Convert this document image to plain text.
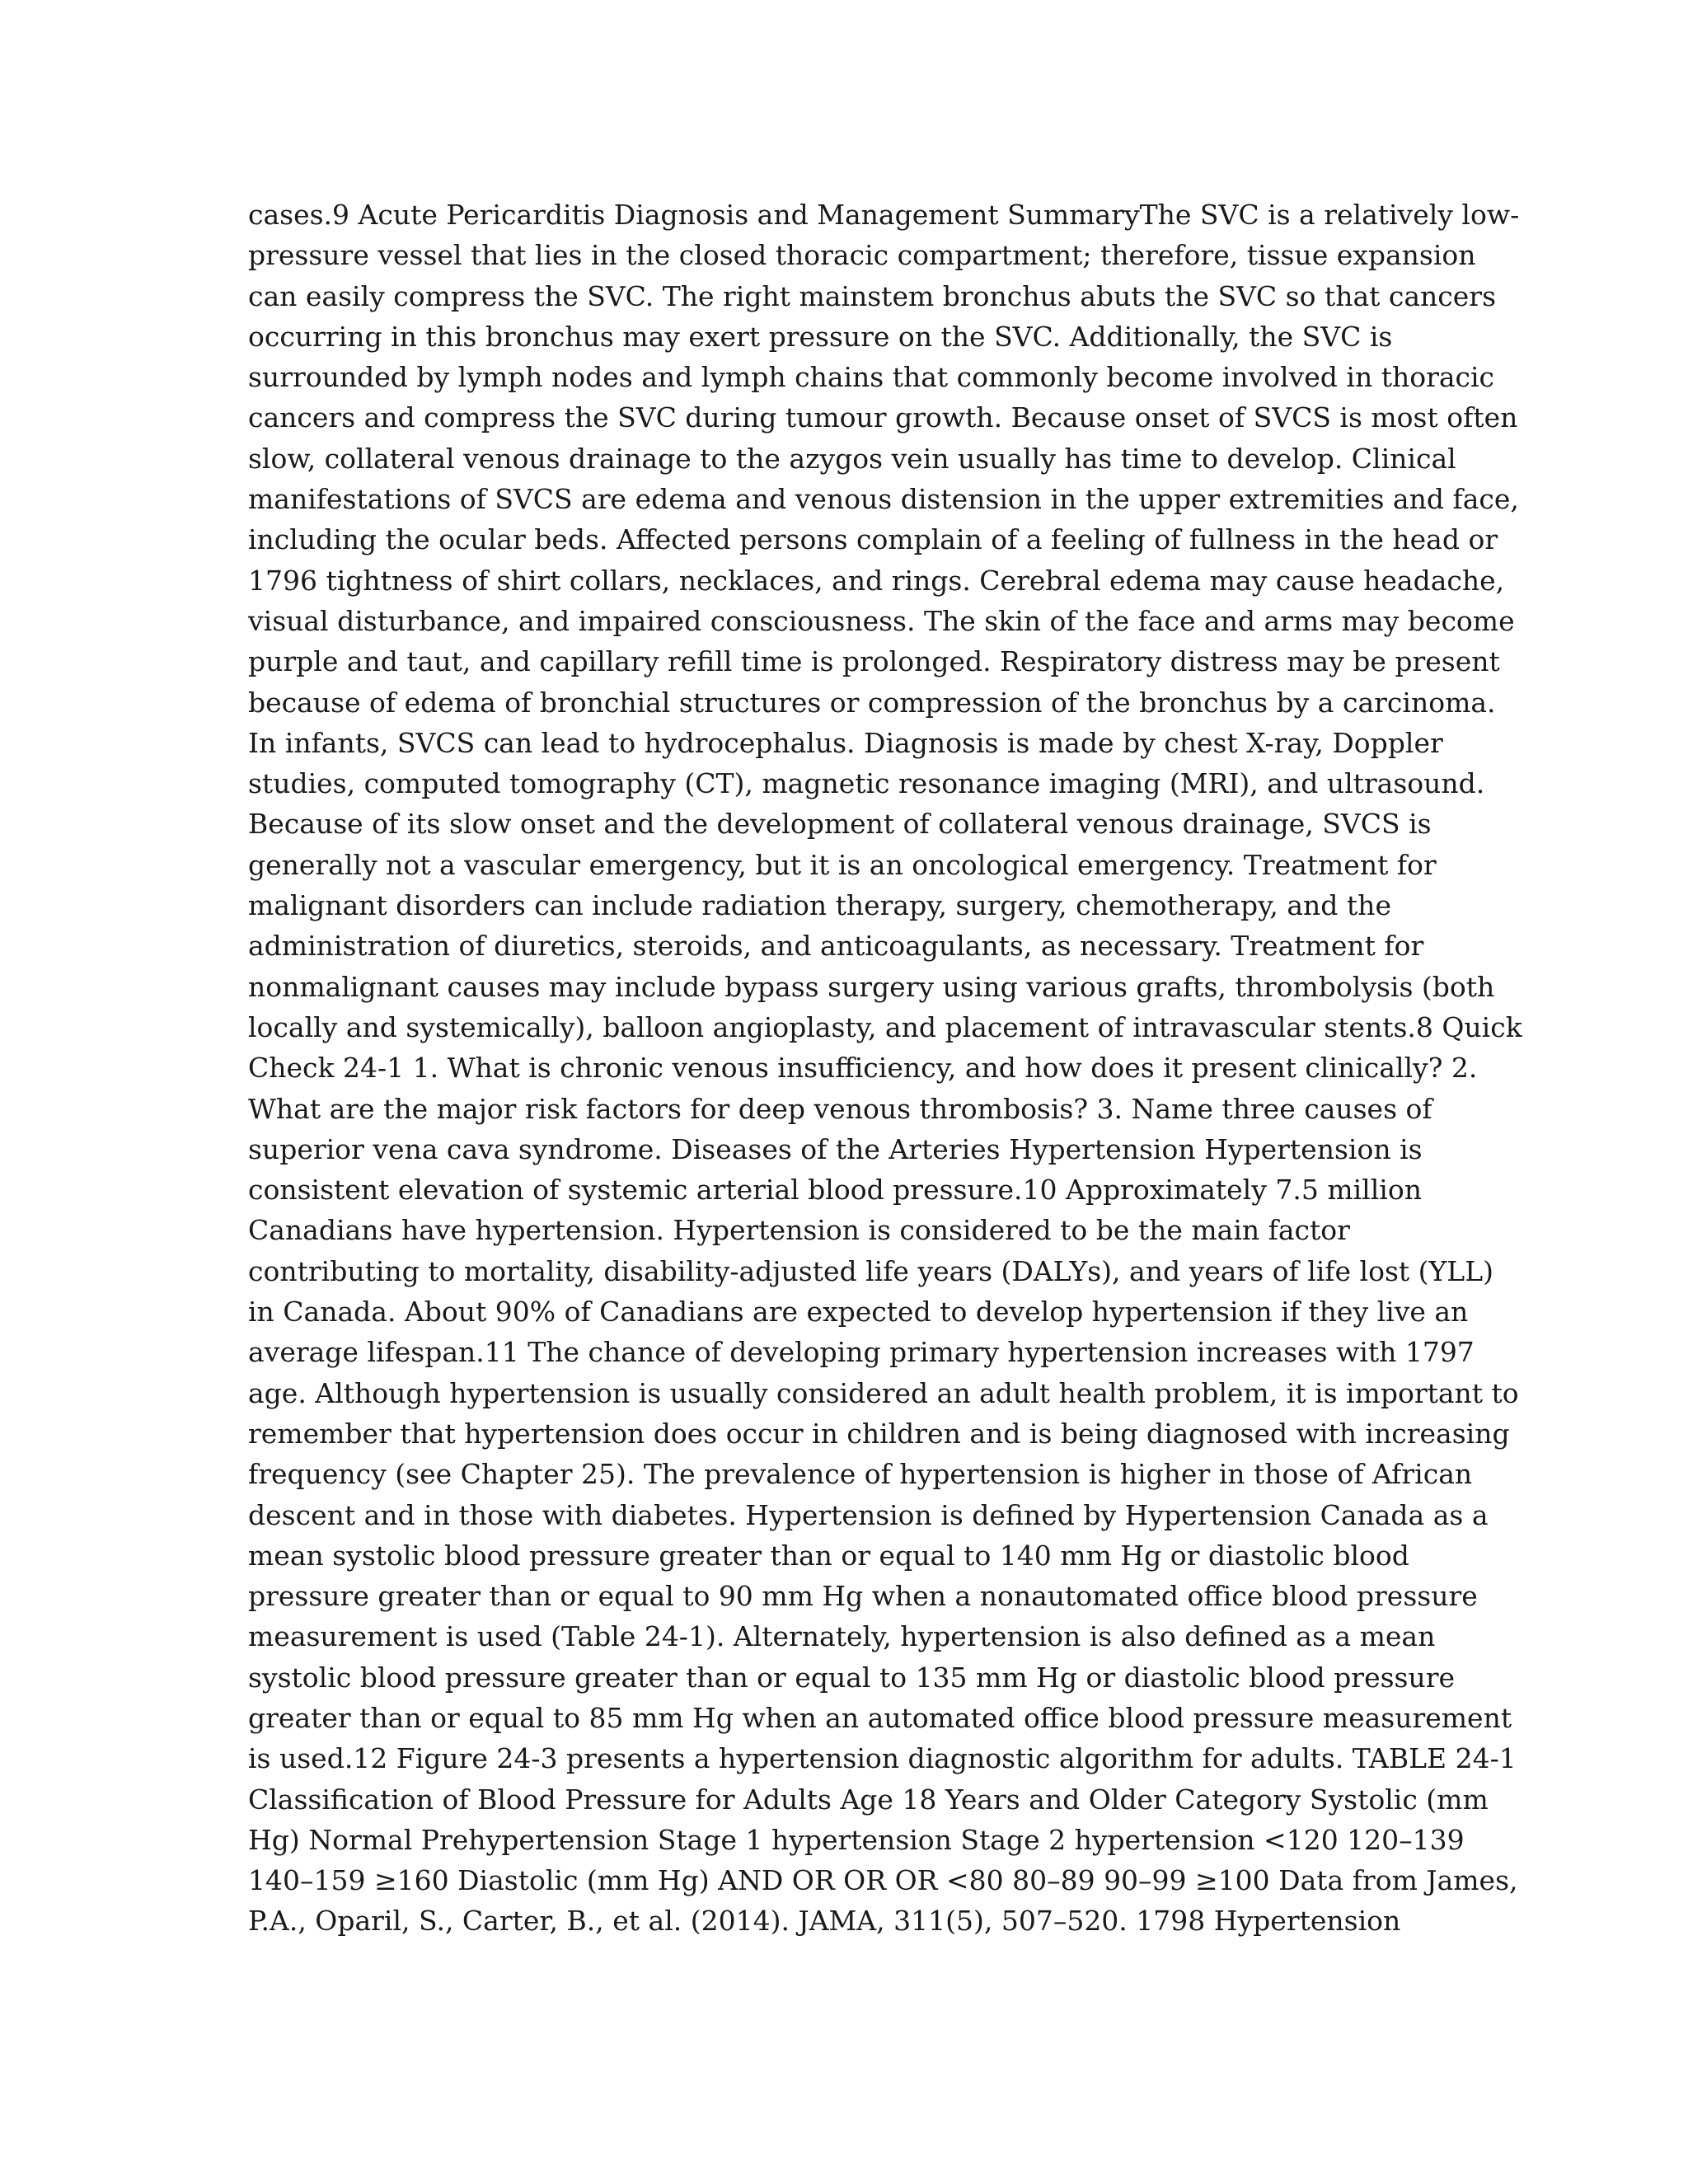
cases.9 Acute Pericarditis Diagnosis and Management SummaryThe SVC is a relatively low-
pressure vessel that lies in the closed thoracic compartment; therefore, tissue expansion
can easily compress the SVC. The right mainstem bronchus abuts the SVC so that cancers
occurring in this bronchus may exert pressure on the SVC. Additionally, the SVC is
surrounded by lymph nodes and lymph chains that commonly become involved in thoracic
cancers and compress the SVC during tumour growth. Because onset of SVCS is most often
slow, collateral venous drainage to the azygos vein usually has time to develop. Clinical
manifestations of SVCS are edema and venous distension in the upper extremities and face,
including the ocular beds. Affected persons complain of a feeling of fullness in the head or
1796 tightness of shirt collars, necklaces, and rings. Cerebral edema may cause headache,
visual disturbance, and impaired consciousness. The skin of the face and arms may become
purple and taut, and capillary refill time is prolonged. Respiratory distress may be present
because of edema of bronchial structures or compression of the bronchus by a carcinoma.
In infants, SVCS can lead to hydrocephalus. Diagnosis is made by chest X-ray, Doppler
studies, computed tomography (CT), magnetic resonance imaging (MRI), and ultrasound.
Because of its slow onset and the development of collateral venous drainage, SVCS is
generally not a vascular emergency, but it is an oncological emergency. Treatment for
malignant disorders can include radiation therapy, surgery, chemotherapy, and the
administration of diuretics, steroids, and anticoagulants, as necessary. Treatment for
nonmalignant causes may include bypass surgery using various grafts, thrombolysis (both
locally and systemically), balloon angioplasty, and placement of intravascular stents.8 Quick
Check 24-1 1. What is chronic venous insufficiency, and how does it present clinically? 2.
What are the major risk factors for deep venous thrombosis? 3. Name three causes of
superior vena cava syndrome. Diseases of the Arteries Hypertension Hypertension is
consistent elevation of systemic arterial blood pressure.10 Approximately 7.5 million
Canadians have hypertension. Hypertension is considered to be the main factor
contributing to mortality, disability-adjusted life years (DALYs), and years of life lost (YLL)
in Canada. About 90% of Canadians are expected to develop hypertension if they live an
average lifespan.11 The chance of developing primary hypertension increases with 1797
age. Although hypertension is usually considered an adult health problem, it is important to
remember that hypertension does occur in children and is being diagnosed with increasing
frequency (see Chapter 25). The prevalence of hypertension is higher in those of African
descent and in those with diabetes. Hypertension is defined by Hypertension Canada as a
mean systolic blood pressure greater than or equal to 140 mm Hg or diastolic blood
pressure greater than or equal to 90 mm Hg when a nonautomated office blood pressure
measurement is used (Table 24-1). Alternately, hypertension is also defined as a mean
systolic blood pressure greater than or equal to 135 mm Hg or diastolic blood pressure
greater than or equal to 85 mm Hg when an automated office blood pressure measurement
is used.12 Figure 24-3 presents a hypertension diagnostic algorithm for adults. TABLE 24-1
Classification of Blood Pressure for Adults Age 18 Years and Older Category Systolic (mm
Hg) Normal Prehypertension Stage 1 hypertension Stage 2 hypertension <120 120–139
140–159 ≥160 Diastolic (mm Hg) AND OR OR OR <80 80–89 90–99 ≥100 Data from James,
P.A., Oparil, S., Carter, B., et al. (2014). JAMA, 311(5), 507–520. 1798 Hypertension
